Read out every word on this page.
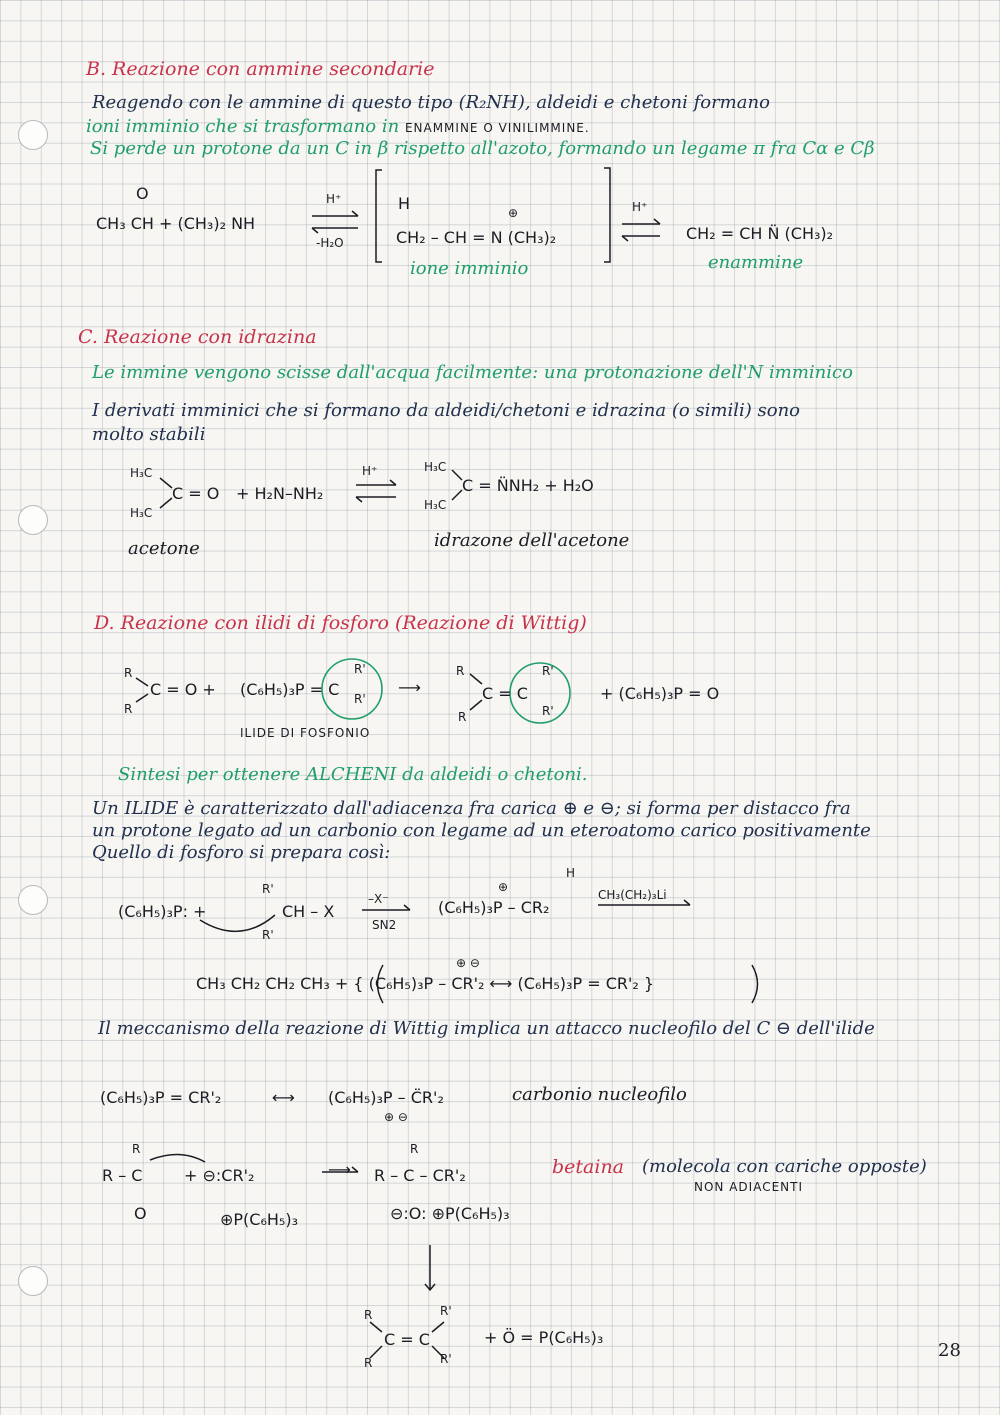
B. Reazione con ammine secondarie
Reagendo con le ammine di questo tipo (R₂NH), aldeidi e chetoni formano
ioni imminio che si trasformano in ENAMMINE O VINILIMMINE.
Si perde un protone da un C in β rispetto all'azoto, formando un legame π fra Cα e Cβ
O
CH₃ CH + (CH₃)₂ NH
H⁺
-H₂O
H	⊕
CH₂ – CH = N (CH₃)₂
ione imminio
H⁺
CH₂ = CH N̈ (CH₃)₂
enammine
C. Reazione con idrazina
Le immine vengono scisse dall'acqua facilmente: una protonazione dell'N imminico
I derivati imminici che si formano da aldeidi/chetoni e idrazina (o simili) sono
molto stabili
H₃C
C = O
H₃C
+ H₂N–NH₂
H⁺	H₃C
C = N̈NH₂ + H₂O
H₃C
acetone	idrazone dell'acetone
D. Reazione con ilidi di fosforo (Reazione di Wittig)
R
C = O +
R
(C₆H₅)₃P = C
R'
R'
⟶
R
C = C
R
R'
R'
+ (C₆H₅)₃P = O
ILIDE DI FOSFONIO
Sintesi per ottenere ALCHENI da aldeidi o chetoni.
Un ILIDE è caratterizzato dall'adiacenza fra carica ⊕ e ⊖; si forma per distacco fra
un protone legato ad un carbonio con legame ad un eteroatomo carico positivamente
Quello di fosforo si prepara così:
(C₆H₅)₃P: +
R'
CH – X
R'
–X⁻
SN2
H
⊕
(C₆H₅)₃P – CR₂
CH₃(CH₂)₃Li
⊕ ⊖
CH₃ CH₂ CH₂ CH₃ + { (C₆H₅)₃P – CR'₂ ⟷ (C₆H₅)₃P = CR'₂ }
Il meccanismo della reazione di Wittig implica un attacco nucleofilo del C ⊖ dell'ilide
(C₆H₅)₃P = CR'₂	⟷ (C₆H₅)₃P – C̈R'₂
⊕ ⊖
carbonio nucleofilo
R
R – C
O
+ ⊖:CR'₂
⊕P(C₆H₅)₃
⟶
R
R – C – CR'₂
⊖:O: ⊕P(C₆H₅)₃
betaina (molecola con cariche opposte)
NON ADIACENTI
R
C = C
R
R'
R'
+ Ö = P(C₆H₅)₃
28
